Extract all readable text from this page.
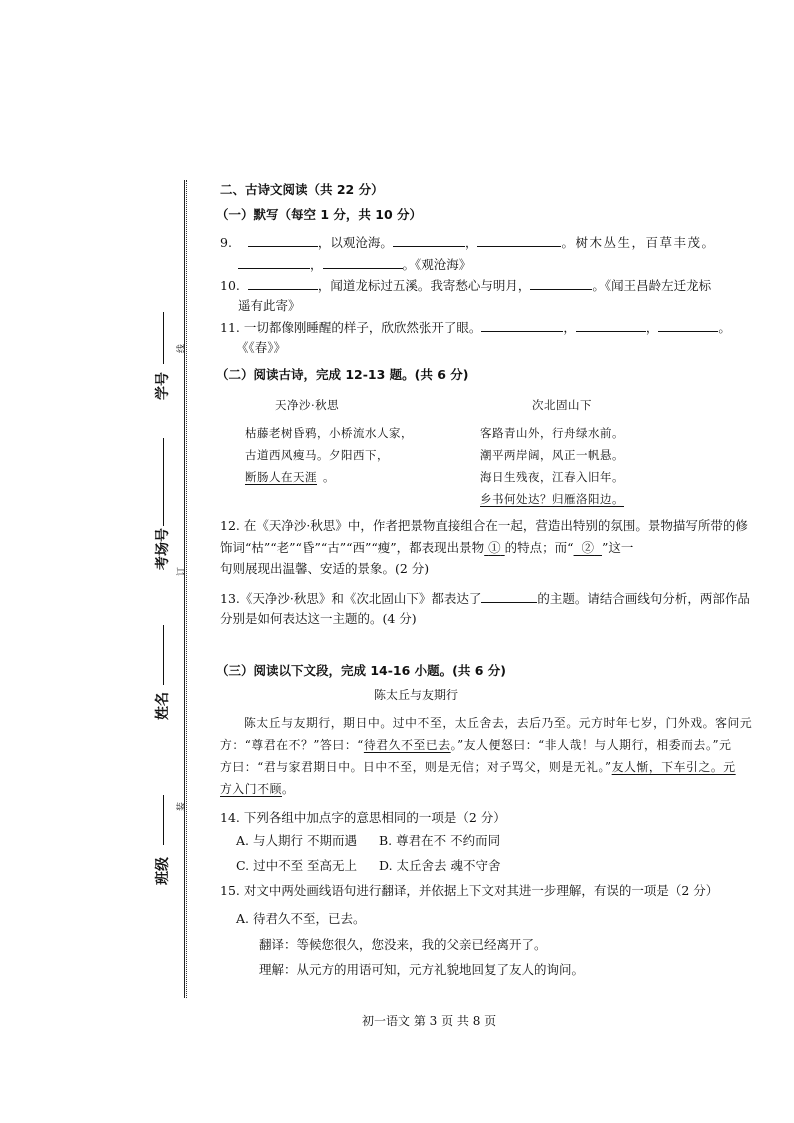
学号
线
考场号
订
姓名
班级
装
二、古诗文阅读（共 22 分）
（一）默写（每空 1 分，共 10 分）
9.	，以观沧海。	，	。树木丛生，百草丰茂。
，	。《观沧海》
10.	，闻道龙标过五溪。我寄愁心与明月，	。《闻王昌龄左迁龙标
遥有此寄》
11. 一切都像刚睡醒的样子，欣欣然张开了眼。	，	，	。
《《春》》
（二）阅读古诗，完成 12-13 题。(共 6 分)
天净沙·秋思
枯藤老树昏鸦，小桥流水人家，
古道西风瘦马。夕阳西下，
断肠人在天涯 。
次北固山下
客路青山外，行舟绿水前。
潮平两岸阔，风正一帆悬。
海日生残夜，江春入旧年。
乡书何处达？归雁洛阳边。
12. 在《天净沙·秋思》中，作者把景物直接组合在一起，营造出特别的氛围。景物描写所带的修
饰词“枯”“老”“昏”“古”“西”“瘦”，都表现出景物 ① 的特点；而“ ② ”这一
句则展现出温馨、安适的景象。(2 分)
13.《天净沙·秋思》和《次北固山下》都表达了	的主题。请结合画线句分析，两部作品
分别是如何表达这一主题的。(4 分)
（三）阅读以下文段，完成 14-16 小题。(共 6 分)
陈太丘与友期行
陈太丘与友期行，期日中。过中不至，太丘舍去，去后乃至。元方时年七岁，门外戏。客问元
方：“尊君在不？”答曰：“待君久不至已去。”友人便怒曰：“非人哉！与人期行，相委而去。”元
方曰：“君与家君期日中。日中不至，则是无信；对子骂父，则是无礼。”友人惭，下车引之。元
方入门不顾。
14. 下列各组中加点字的意思相同的一项是（2 分）
A. 与人期行 不期而遇 B. 尊君在不 不约而同
C. 过中不至 至高无上 D. 太丘舍去 魂不守舍
15. 对文中两处画线语句进行翻译，并依据上下文对其进一步理解，有误的一项是（2 分）
A. 待君久不至，已去。
翻译：等候您很久，您没来，我的父亲已经离开了。
理解：从元方的用语可知，元方礼貌地回复了友人的询问。
初一语文 第 3 页 共 8 页
